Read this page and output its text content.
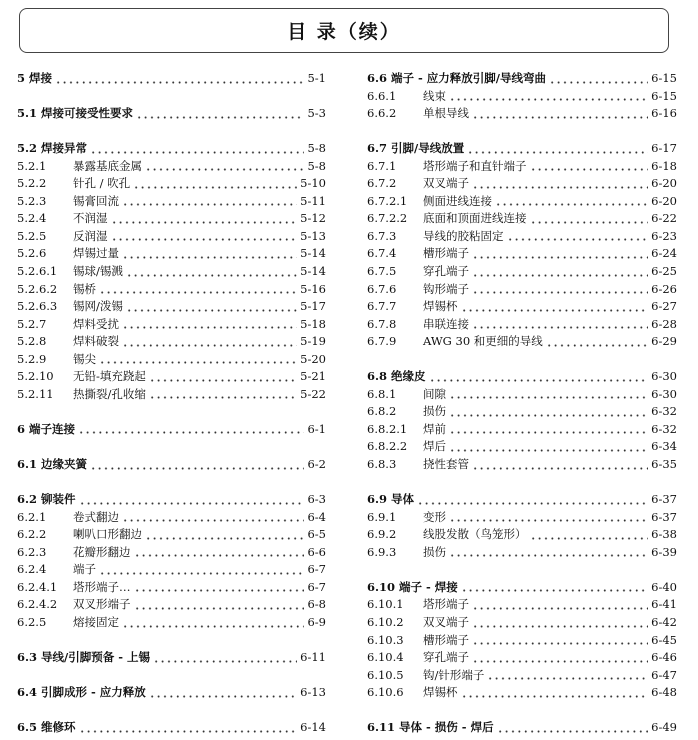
目 录（续）
5 焊接	5-1
5.1 焊接可接受性要求	5-3
5.2 焊接异常	5-8
5.2.1	暴露基底金属	5-8
5.2.2	针孔 / 吹孔	5-10
5.2.3	锡膏回流	5-11
5.2.4	不润湿	5-12
5.2.5	反润湿	5-13
5.2.6	焊锡过量	5-14
5.2.6.1	锡球/锡溅	5-14
5.2.6.2	锡桥	5-16
5.2.6.3	锡网/泼锡	5-17
5.2.7	焊料受扰	5-18
5.2.8	焊料破裂	5-19
5.2.9	锡尖	5-20
5.2.10	无铅-填充跷起	5-21
5.2.11	热撕裂/孔收缩	5-22
6 端子连接	6-1
6.1 边缘夹簧	6-2
6.2 铆装件	6-3
6.2.1	卷式翻边	6-4
6.2.2	喇叭口形翻边	6-5
6.2.3	花瓣形翻边	6-6
6.2.4	端子	6-7
6.2.4.1	塔形端子…	6-7
6.2.4.2	双叉形端子	6-8
6.2.5	熔接固定	6-9
6.3 导线/引脚预备 - 上锡	6-11
6.4 引脚成形 - 应力释放	6-13
6.5 维修环	6-14
6.6 端子 - 应力释放引脚/导线弯曲	6-15
6.6.1	线束	6-15
6.6.2	单根导线	6-16
6.7 引脚/导线放置	6-17
6.7.1	塔形端子和直针端子	6-18
6.7.2	双叉端子	6-20
6.7.2.1	侧面进线连接	6-20
6.7.2.2	底面和顶面进线连接	6-22
6.7.3	导线的胶粘固定	6-23
6.7.4	槽形端子	6-24
6.7.5	穿孔端子	6-25
6.7.6	钩形端子	6-26
6.7.7	焊锡杯	6-27
6.7.8	串联连接	6-28
6.7.9	AWG 30 和更细的导线	6-29
6.8 绝缘皮	6-30
6.8.1	间隙	6-30
6.8.2	损伤	6-32
6.8.2.1	焊前	6-32
6.8.2.2	焊后	6-34
6.8.3	挠性套管	6-35
6.9 导体	6-37
6.9.1	变形	6-37
6.9.2	线股发散（鸟笼形）	6-38
6.9.3	损伤	6-39
6.10 端子 - 焊接	6-40
6.10.1	塔形端子	6-41
6.10.2	双叉端子	6-42
6.10.3	槽形端子	6-45
6.10.4	穿孔端子	6-46
6.10.5	钩/针形端子	6-47
6.10.6	焊锡杯	6-48
6.11 导体 - 损伤 - 焊后	6-49
